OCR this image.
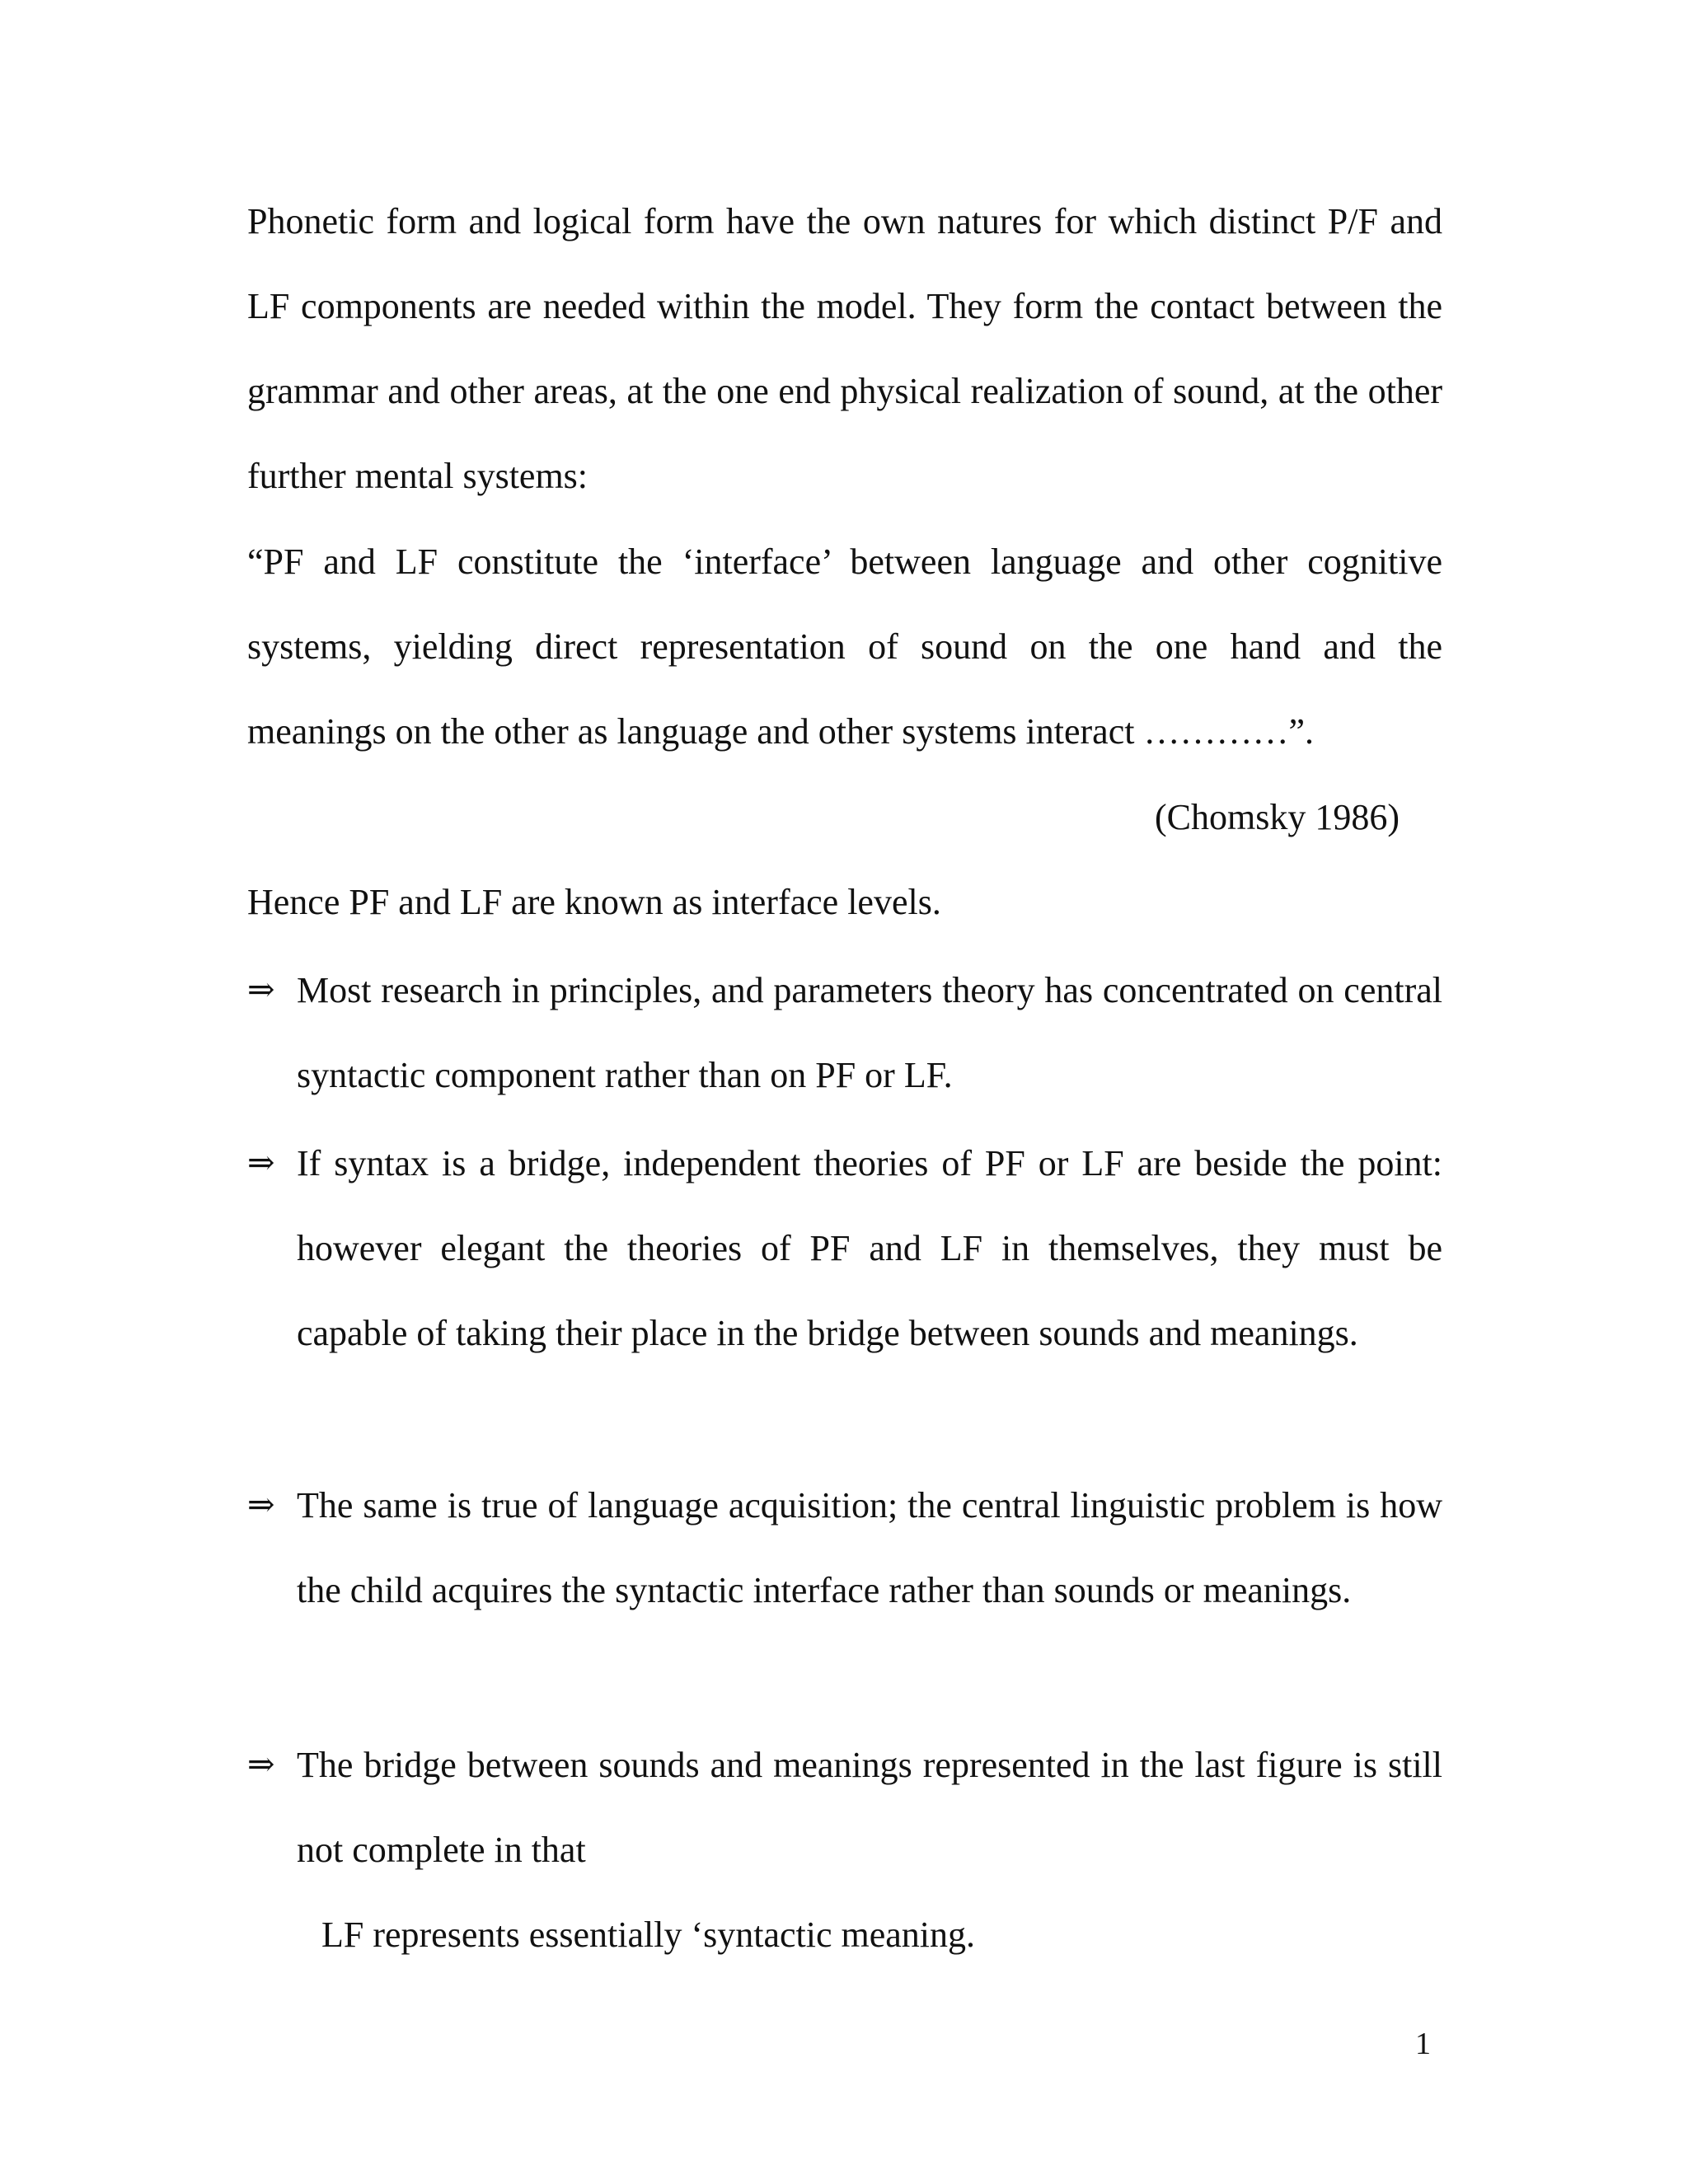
Phonetic form and logical form have the own natures for which distinct P/F and LF components are needed within the model. They form the contact between the grammar and other areas, at the one end physical realization of sound, at the other further mental systems:

“PF and LF constitute the ‘interface’ between language and other cognitive systems, yielding direct representation of sound on the one hand and the meanings on the other as language and other systems interact …………”.

(Chomsky 1986)

Hence PF and LF are known as interface levels.

⇒ Most research in principles, and parameters theory has concentrated on central syntactic component rather than on PF or LF.
⇒ If syntax is a bridge, independent theories of PF or LF are beside the point: however elegant the theories of PF and LF in themselves, they must be capable of taking their place in the bridge between sounds and meanings.
⇒ The same is true of language acquisition; the central linguistic problem is how the child acquires the syntactic interface rather than sounds or meanings.
⇒ The bridge between sounds and meanings represented in the last figure is still not complete in that

LF represents essentially ‘syntactic meaning.

1
